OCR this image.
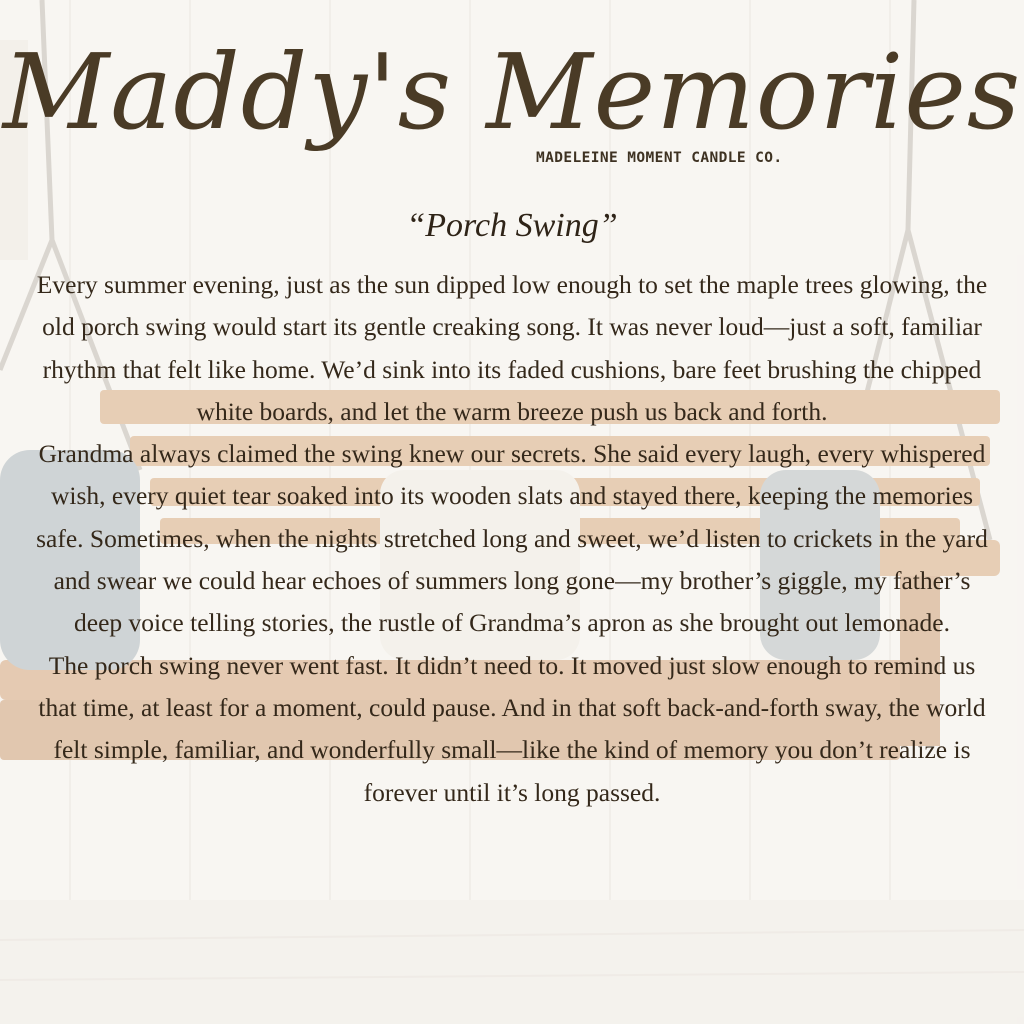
Maddy's Memories
MADELEINE MOMENT CANDLE CO.
“Porch Swing”

Every summer evening, just as the sun dipped low enough to set the maple trees glowing, the old porch swing would start its gentle creaking song. It was never loud—just a soft, familiar rhythm that felt like home. We’d sink into its faded cushions, bare feet brushing the chipped white boards, and let the warm breeze push us back and forth.

Grandma always claimed the swing knew our secrets. She said every laugh, every whispered wish, every quiet tear soaked into its wooden slats and stayed there, keeping the memories safe. Sometimes, when the nights stretched long and sweet, we’d listen to crickets in the yard and swear we could hear echoes of summers long gone—my brother’s giggle, my father’s deep voice telling stories, the rustle of Grandma’s apron as she brought out lemonade.

The porch swing never went fast. It didn’t need to. It moved just slow enough to remind us that time, at least for a moment, could pause. And in that soft back-and-forth sway, the world felt simple, familiar, and wonderfully small—like the kind of memory you don’t realize is forever until it’s long passed.
